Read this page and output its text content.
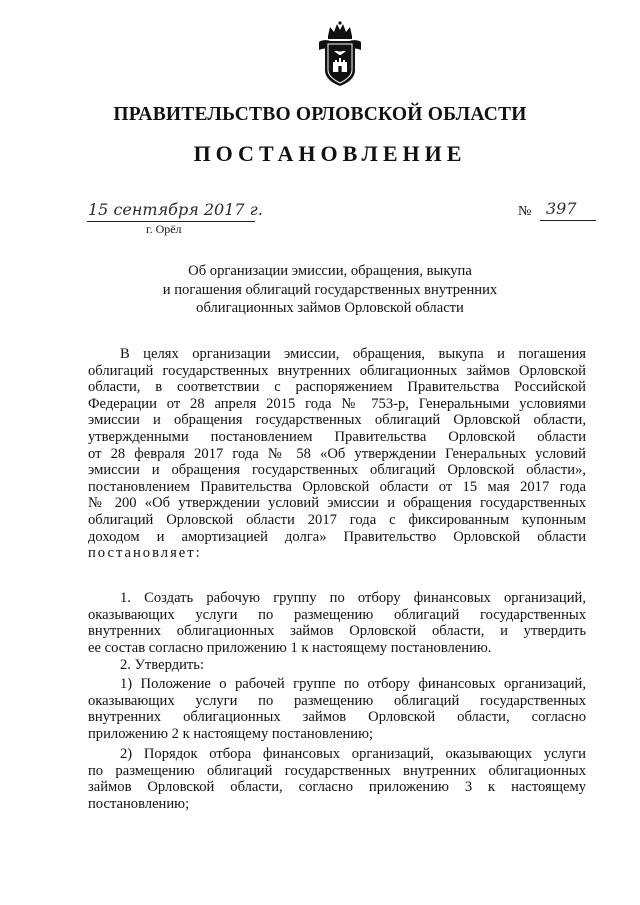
ПРАВИТЕЛЬСТВО ОРЛОВСКОЙ ОБЛАСТИ
ПОСТАНОВЛЕНИЕ
15 сентября 2017 г.
г. Орёл
№ 397
Об организации эмиссии, обращения, выкупа
и погашения облигаций государственных внутренних
облигационных займов Орловской области
В целях организации эмиссии, обращения, выкупа и погашения
облигаций государственных внутренних облигационных займов Орловской
области, в соответствии с распоряжением Правительства Российской
Федерации от 28 апреля 2015 года № 753-р, Генеральными условиями
эмиссии и обращения государственных облигаций Орловской области,
утвержденными постановлением Правительства Орловской области
от 28 февраля 2017 года № 58 «Об утверждении Генеральных условий
эмиссии и обращения государственных облигаций Орловской области»,
постановлением Правительства Орловской области от 15 мая 2017 года
№ 200 «Об утверждении условий эмиссии и обращения государственных
облигаций Орловской области 2017 года с фиксированным купонным
доходом и амортизацией долга» Правительство Орловской области
постановляет:
1. Создать рабочую группу по отбору финансовых организаций,
оказывающих услуги по размещению облигаций государственных
внутренних облигационных займов Орловской области, и утвердить
ее состав согласно приложению 1 к настоящему постановлению.
2. Утвердить:
1) Положение о рабочей группе по отбору финансовых организаций,
оказывающих услуги по размещению облигаций государственных
внутренних облигационных займов Орловской области, согласно
приложению 2 к настоящему постановлению;
2) Порядок отбора финансовых организаций, оказывающих услуги
по размещению облигаций государственных внутренних облигационных
займов Орловской области, согласно приложению 3 к настоящему
постановлению;
